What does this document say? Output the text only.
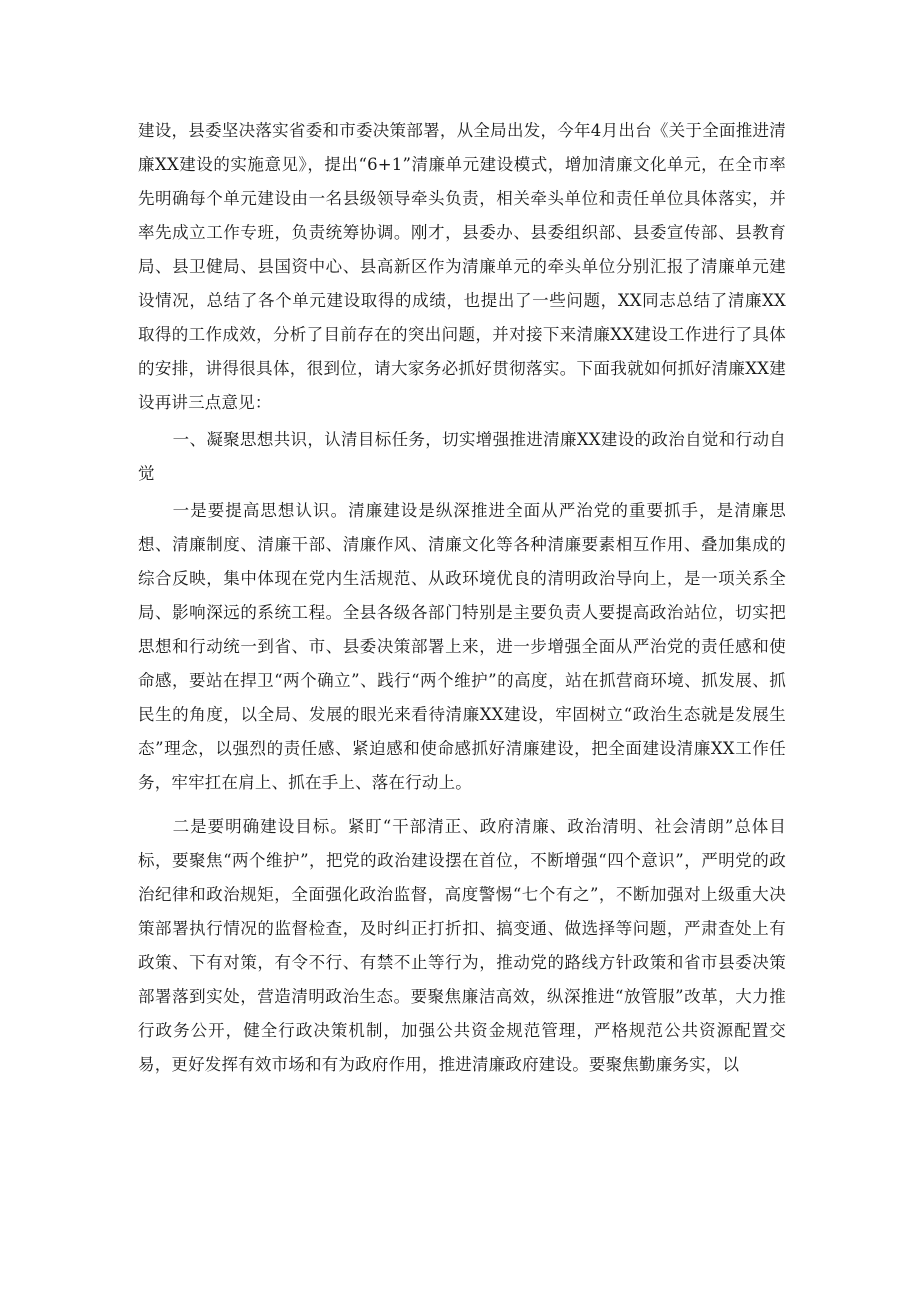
建设，县委坚决落实省委和市委决策部署，从全局出发，今年4月出台《关于全面推进清廉XX建设的实施意见》，提出“6+1”清廉单元建设模式，增加清廉文化单元，在全市率先明确每个单元建设由一名县级领导牵头负责，相关牵头单位和责任单位具体落实，并率先成立工作专班，负责统筹协调。刚才，县委办、县委组织部、县委宣传部、县教育局、县卫健局、县国资中心、县高新区作为清廉单元的牵头单位分别汇报了清廉单元建设情况，总结了各个单元建设取得的成绩，也提出了一些问题，XX同志总结了清廉XX取得的工作成效，分析了目前存在的突出问题，并对接下来清廉XX建设工作进行了具体的安排，讲得很具体，很到位，请大家务必抓好贯彻落实。下面我就如何抓好清廉XX建设再讲三点意见：

一、凝聚思想共识，认清目标任务，切实增强推进清廉XX建设的政治自觉和行动自觉

一是要提高思想认识。清廉建设是纵深推进全面从严治党的重要抓手，是清廉思想、清廉制度、清廉干部、清廉作风、清廉文化等各种清廉要素相互作用、叠加集成的综合反映，集中体现在党内生活规范、从政环境优良的清明政治导向上，是一项关系全局、影响深远的系统工程。全县各级各部门特别是主要负责人要提高政治站位，切实把思想和行动统一到省、市、县委决策部署上来，进一步增强全面从严治党的责任感和使命感，要站在捍卫“两个确立”、践行“两个维护”的高度，站在抓营商环境、抓发展、抓民生的角度，以全局、发展的眼光来看待清廉XX建设，牢固树立“政治生态就是发展生态”理念，以强烈的责任感、紧迫感和使命感抓好清廉建设，把全面建设清廉XX工作任务，牢牢扛在肩上、抓在手上、落在行动上。

二是要明确建设目标。紧盯“干部清正、政府清廉、政治清明、社会清朗”总体目标，要聚焦“两个维护”，把党的政治建设摆在首位，不断增强“四个意识”，严明党的政治纪律和政治规矩，全面强化政治监督，高度警惕“七个有之”，不断加强对上级重大决策部署执行情况的监督检查，及时纠正打折扣、搞变通、做选择等问题，严肃查处上有政策、下有对策，有令不行、有禁不止等行为，推动党的路线方针政策和省市县委决策部署落到实处，营造清明政治生态。要聚焦廉洁高效，纵深推进“放管服”改革，大力推行政务公开，健全行政决策机制，加强公共资金规范管理，严格规范公共资源配置交易，更好发挥有效市场和有为政府作用，推进清廉政府建设。要聚焦勤廉务实，以
